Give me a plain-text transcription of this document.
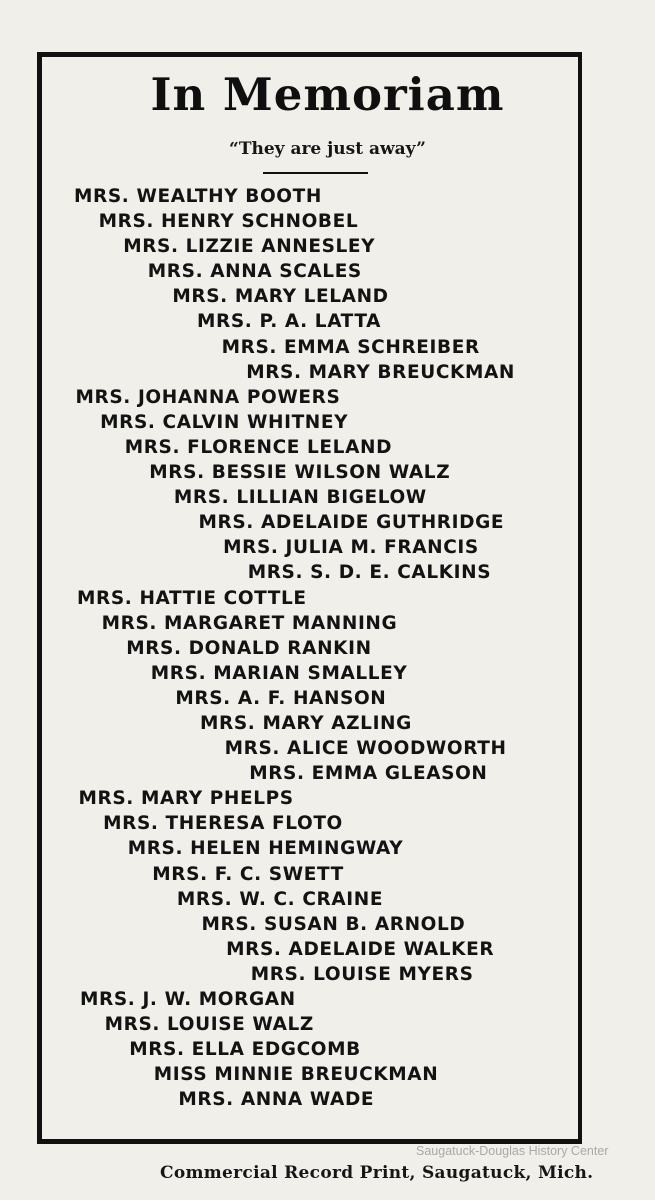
In Memoriam
“They are just away”
MRS. WEALTHY BOOTH
MRS. HENRY SCHNOBEL
MRS. LIZZIE ANNESLEY
MRS. ANNA SCALES
MRS. MARY LELAND
MRS. P. A. LATTA
MRS. EMMA SCHREIBER
MRS. MARY BREUCKMAN
MRS. JOHANNA POWERS
MRS. CALVIN WHITNEY
MRS. FLORENCE LELAND
MRS. BESSIE WILSON WALZ
MRS. LILLIAN BIGELOW
MRS. ADELAIDE GUTHRIDGE
MRS. JULIA M. FRANCIS
MRS. S. D. E. CALKINS
MRS. HATTIE COTTLE
MRS. MARGARET MANNING
MRS. DONALD RANKIN
MRS. MARIAN SMALLEY
MRS. A. F. HANSON
MRS. MARY AZLING
MRS. ALICE WOODWORTH
MRS. EMMA GLEASON
MRS. MARY PHELPS
MRS. THERESA FLOTO
MRS. HELEN HEMINGWAY
MRS. F. C. SWETT
MRS. W. C. CRAINE
MRS. SUSAN B. ARNOLD
MRS. ADELAIDE WALKER
MRS. LOUISE MYERS
MRS. J. W. MORGAN
MRS. LOUISE WALZ
MRS. ELLA EDGCOMB
MISS MINNIE BREUCKMAN
MRS. ANNA WADE
Saugatuck-Douglas History Center
Commercial Record Print, Saugatuck, Mich.
